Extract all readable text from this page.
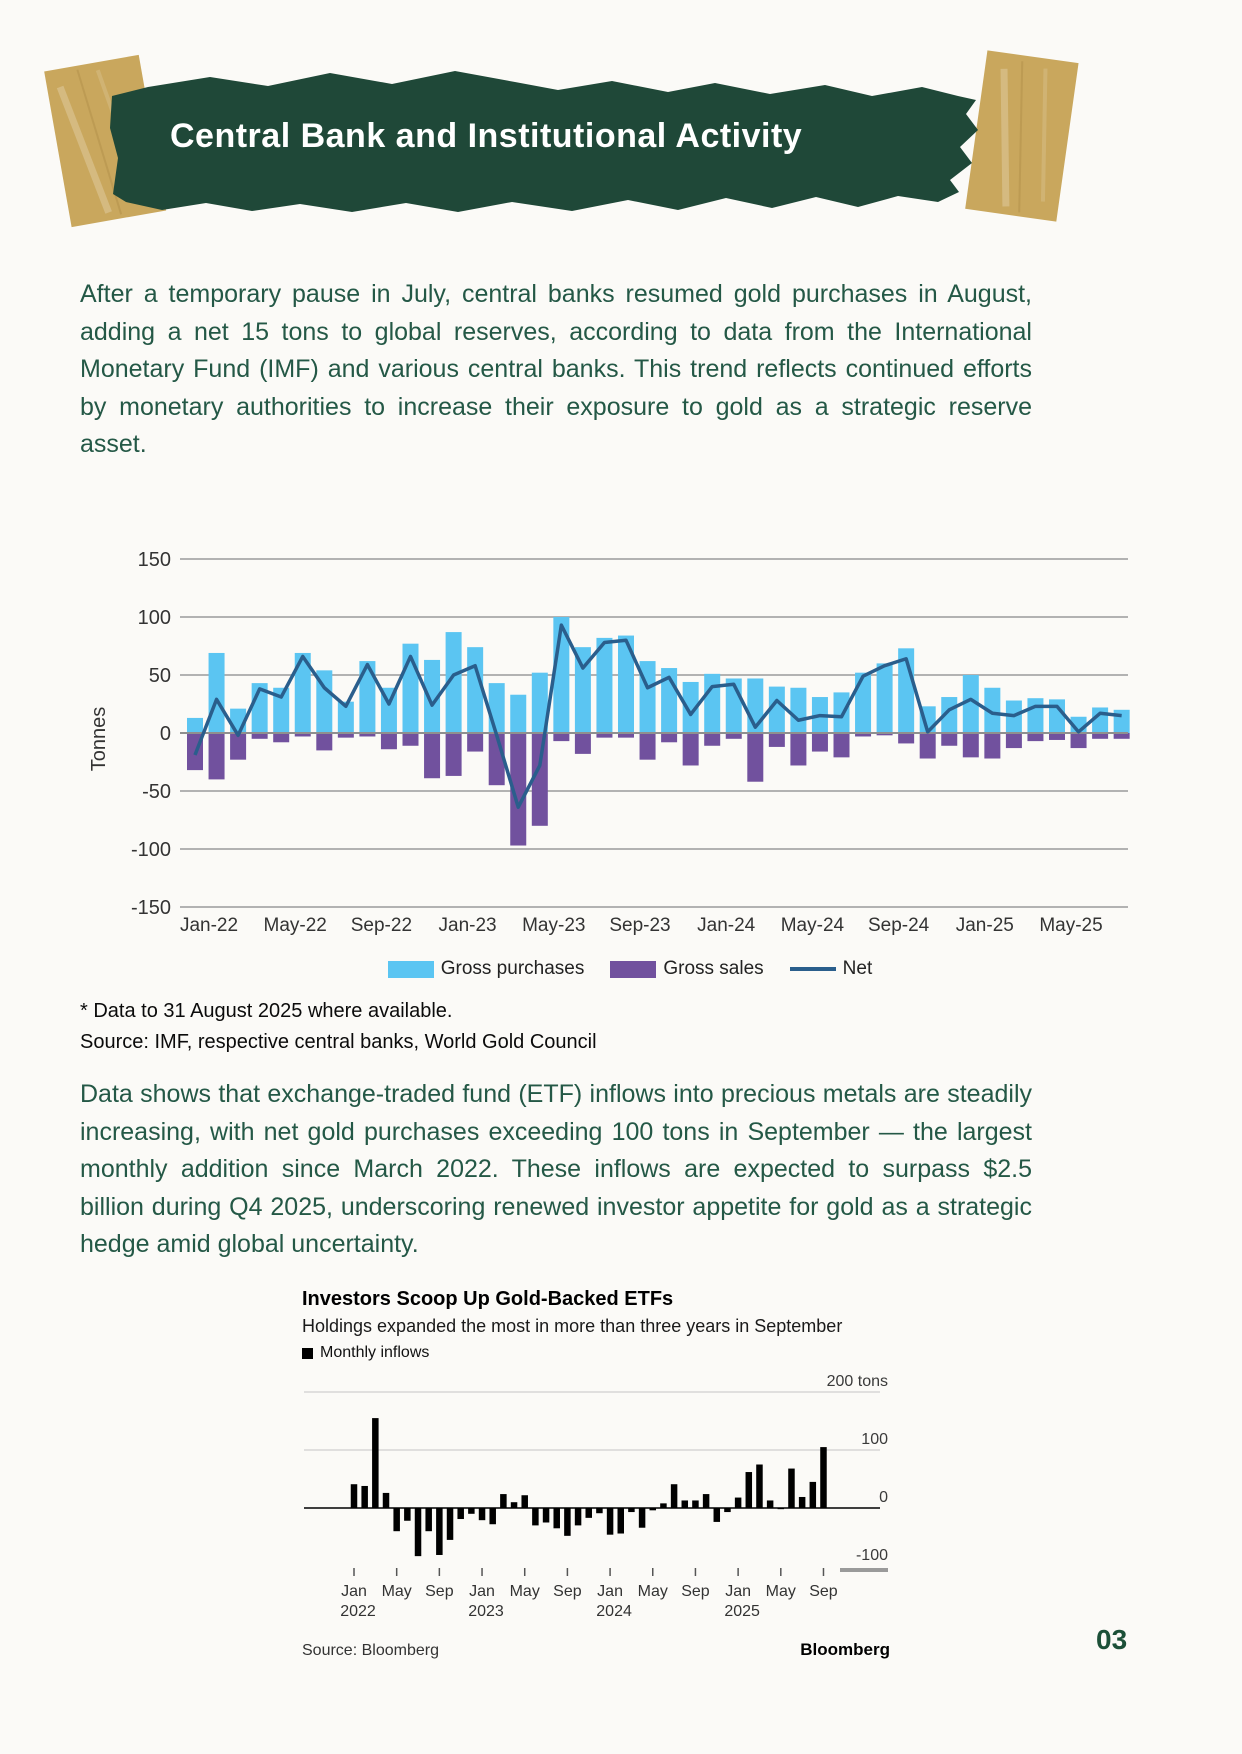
Central Bank and Institutional Activity
After a temporary pause in July, central banks resumed gold purchases in August, adding a net 15 tons to global reserves, according to data from the International Monetary Fund (IMF) and various central banks. This trend reflects continued efforts by monetary authorities to increase their exposure to gold as a strategic reserve asset.
150
100
50
0
-50
-100
-150
Tonnes
Jan-22 May-22 Sep-22 Jan-23 May-23 Sep-23 Jan-24 May-24 Sep-24 Jan-25 May-25
Gross purchases	Gross sales	Net
* Data to 31 August 2025 where available.
Source: IMF, respective central banks, World Gold Council
Data shows that exchange-traded fund (ETF) inflows into precious metals are steadily increasing, with net gold purchases exceeding 100 tons in September — the largest monthly addition since March 2022. These inflows are expected to surpass $2.5 billion during Q4 2025, underscoring renewed investor appetite for gold as a strategic hedge amid global uncertainty.
Investors Scoop Up Gold-Backed ETFs
Holdings expanded the most in more than three years in September
Monthly inflows
200 tons
100
0
-100
Jan
2022
May Sep Jan
2023
May Sep Jan
2024
May Sep Jan
2025
May Sep
Source: Bloomberg	Bloomberg	03
